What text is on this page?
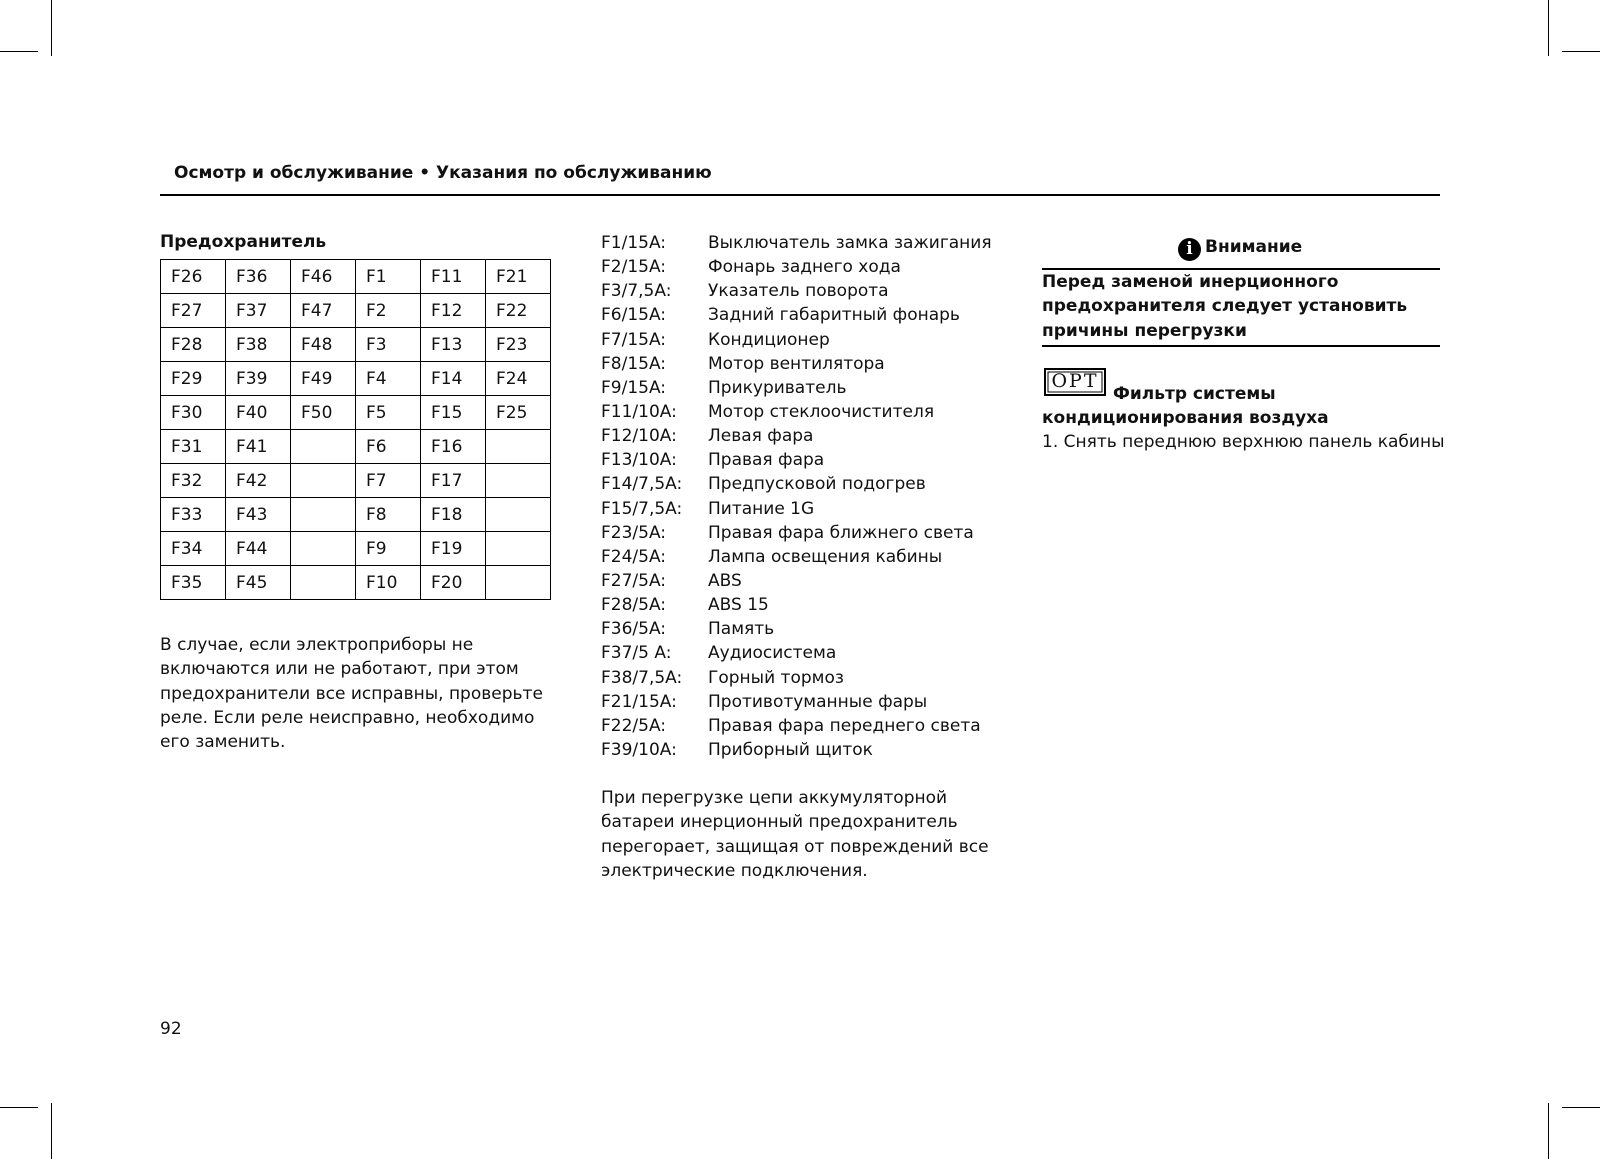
Осмотр и обслуживание • Указания по обслуживанию
Предохранитель
F26	F36	F46	F1	F11	F21
F27	F37	F47	F2	F12	F22
F28	F38	F48	F3	F13	F23
F29	F39	F49	F4	F14	F24
F30	F40	F50	F5	F15	F25
F31	F41		F6	F16	
F32	F42		F7	F17	
F33	F43		F8	F18	
F34	F44		F9	F19	
F35	F45		F10	F20	
В случае, если электроприборы не включаются или не работают, при этом предохранители все исправны, проверьте реле. Если реле неисправно, необходимо его заменить.
F1/15A: Выключатель замка зажигания
F2/15A: Фонарь заднего хода
F3/7,5A: Указатель поворота
F6/15A: Задний габаритный фонарь
F7/15A: Кондиционер
F8/15A: Мотор вентилятора
F9/15A: Прикуриватель
F11/10A: Мотор стеклоочистителя
F12/10A: Левая фара
F13/10A: Правая фара
F14/7,5A: Предпусковой подогрев
F15/7,5A: Питание 1G
F23/5A: Правая фара ближнего света
F24/5A: Лампа освещения кабины
F27/5A: ABS
F28/5A: ABS 15
F36/5A: Память
F37/5 A: Аудиосистема
F38/7,5A: Горный тормоз
F21/15A: Противотуманные фары
F22/5A: Правая фара переднего света
F39/10A: Приборный щиток
При перегрузке цепи аккумуляторной батареи инерционный предохранитель перегорает, защищая от повреждений все электрические подключения.
i Внимание
Перед заменой инерционного предохранителя следует установить причины перегрузки
OPT
Фильтр системы кондиционирования воздуха
1. Снять переднюю верхнюю панель кабины
92
